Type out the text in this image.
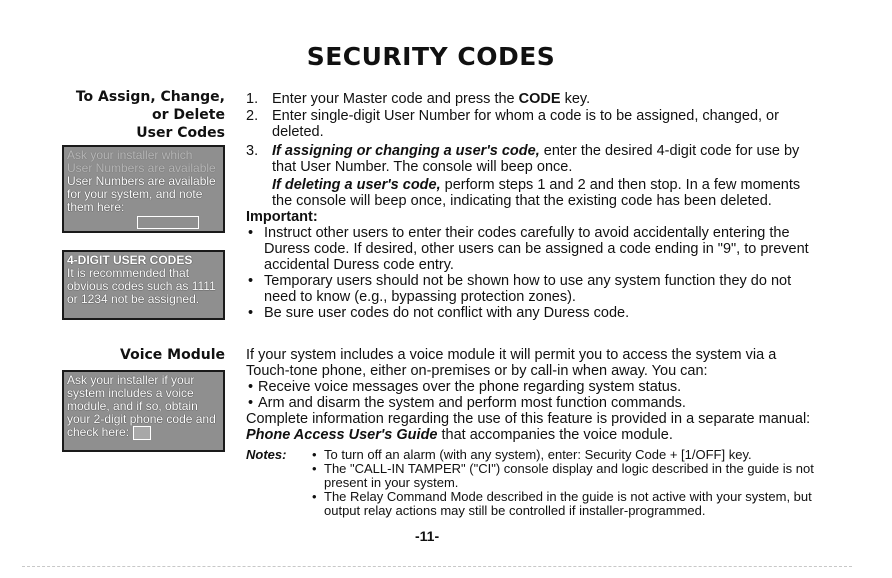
SECURITY CODES
To Assign, Change,
or Delete
User Codes
Ask your installer which User Numbers are available
User Numbers are available for your system, and note them here:
4-DIGIT USER CODES
It is recommended that obvious codes such as 1111 or 1234 not be assigned.
Voice Module
Ask your installer if your system includes a voice module, and if so, obtain your 2-digit phone code and check here:
1. Enter your Master code and press the CODE key.
2. Enter single-digit User Number for whom a code is to be assigned, changed, or deleted.
3. If assigning or changing a user's code, enter the desired 4-digit code for use by that User Number. The console will beep once.
If deleting a user's code, perform steps 1 and 2 and then stop. In a few moments the console will beep once, indicating that the existing code has been deleted.
Important:
• Instruct other users to enter their codes carefully to avoid accidentally entering the Duress code. If desired, other users can be assigned a code ending in "9", to prevent accidental Duress code entry.
• Temporary users should not be shown how to use any system function they do not need to know (e.g., bypassing protection zones).
• Be sure user codes do not conflict with any Duress code.
If your system includes a voice module it will permit you to access the system via a Touch-tone phone, either on-premises or by call-in when away. You can:
• Receive voice messages over the phone regarding system status.
• Arm and disarm the system and perform most function commands.
Complete information regarding the use of this feature is provided in a separate manual: Phone Access User's Guide that accompanies the voice module.
Notes:
•	To turn off an alarm (with any system), enter: Security Code + [1/OFF] key.
• The "CALL-IN TAMPER" ("CI") console display and logic described in the guide is not present in your system.
• The Relay Command Mode described in the guide is not active with your system, but output relay actions may still be controlled if installer-programmed.
-11-
